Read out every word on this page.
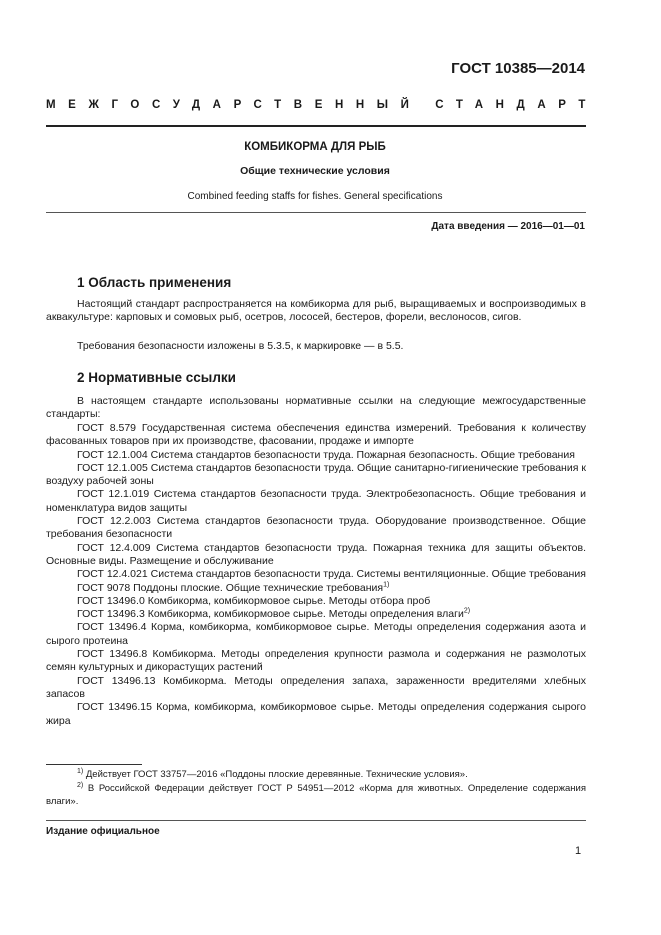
ГОСТ 10385—2014
МЕЖГОСУДАРСТВЕННЫЙ СТАНДАРТ
КОМБИКОРМА ДЛЯ РЫБ
Общие технические условия
Combined feeding staffs for fishes. General specifications
Дата введения — 2016—01—01
1 Область применения
Настоящий стандарт распространяется на комбикорма для рыб, выращиваемых и воспроизводимых в аквакультуре: карповых и сомовых рыб, осетров, лососей, бестеров, форели, веслоносов, сигов.
Требования безопасности изложены в 5.3.5, к маркировке — в 5.5.
2 Нормативные ссылки
В настоящем стандарте использованы нормативные ссылки на следующие межгосударственные стандарты:

ГОСТ 8.579 Государственная система обеспечения единства измерений. Требования к количеству фасованных товаров при их производстве, фасовании, продаже и импорте

ГОСТ 12.1.004 Система стандартов безопасности труда. Пожарная безопасность. Общие требования

ГОСТ 12.1.005 Система стандартов безопасности труда. Общие санитарно-гигиенические требования к воздуху рабочей зоны

ГОСТ 12.1.019 Система стандартов безопасности труда. Электробезопасность. Общие требования и номенклатура видов защиты

ГОСТ 12.2.003 Система стандартов безопасности труда. Оборудование производственное. Общие требования безопасности

ГОСТ 12.4.009 Система стандартов безопасности труда. Пожарная техника для защиты объектов. Основные виды. Размещение и обслуживание

ГОСТ 12.4.021 Система стандартов безопасности труда. Системы вентиляционные. Общие требования

ГОСТ 9078 Поддоны плоские. Общие технические требования$^{1)}$

ГОСТ 13496.0 Комбикорма, комбикормовое сырье. Методы отбора проб

ГОСТ 13496.3 Комбикорма, комбикормовое сырье. Методы определения влаги$^{2)}$

ГОСТ 13496.4 Корма, комбикорма, комбикормовое сырье. Методы определения содержания азота и сырого протеина

ГОСТ 13496.8 Комбикорма. Методы определения крупности размола и содержания не размолотых семян культурных и дикорастущих растений

ГОСТ 13496.13 Комбикорма. Методы определения запаха, зараженности вредителями хлебных запасов

ГОСТ 13496.15 Корма, комбикорма, комбикормовое сырье. Методы определения содержания сырого жира

$^{1)}$ Действует ГОСТ 33757—2016 «Поддоны плоские деревянные. Технические условия».
$^{2)}$ В Российской Федерации действует ГОСТ Р 54951—2012 «Корма для животных. Определение содержания влаги».
Издание официальное
1
